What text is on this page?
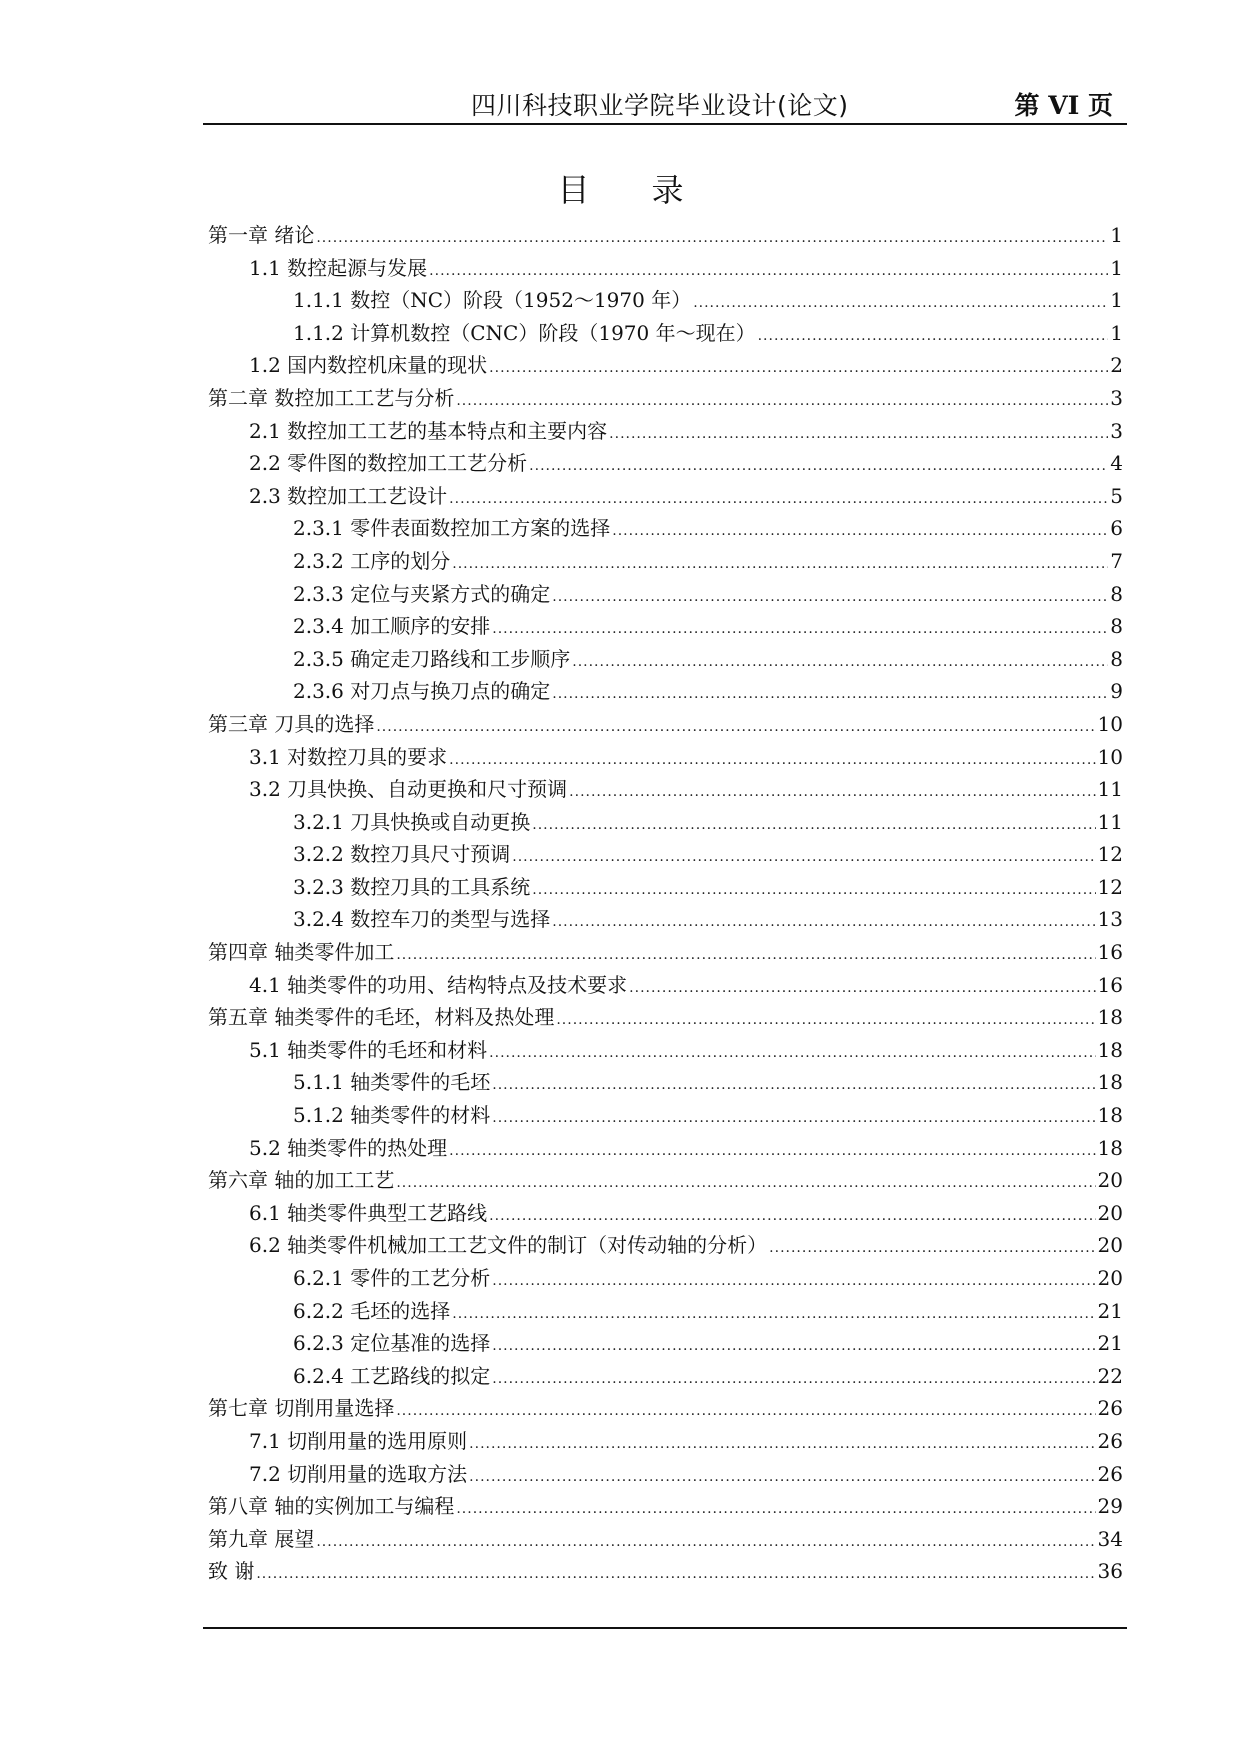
四川科技职业学院毕业设计(论文)	第 VI 页
目录
第一章 绪论 .....	1
1.1 数控起源与发展 .....	1
1.1.1 数控（NC）阶段（1952～1970 年） .....	1
1.1.2 计算机数控（CNC）阶段（1970 年～现在） .....	1
1.2 国内数控机床量的现状 .....	2
第二章 数控加工工艺与分析 .....	3
2.1 数控加工工艺的基本特点和主要内容 .....	3
2.2 零件图的数控加工工艺分析 .....	4
2.3 数控加工工艺设计 .....	5
2.3.1 零件表面数控加工方案的选择 .....	6
2.3.2 工序的划分 .....	7
2.3.3 定位与夹紧方式的确定 .....	8
2.3.4 加工顺序的安排 .....	8
2.3.5 确定走刀路线和工步顺序 .....	8
2.3.6 对刀点与换刀点的确定 .....	9
第三章 刀具的选择 .....	10
3.1 对数控刀具的要求 .....	10
3.2 刀具快换、自动更换和尺寸预调 .....	11
3.2.1 刀具快换或自动更换 .....	11
3.2.2 数控刀具尺寸预调 .....	12
3.2.3 数控刀具的工具系统 .....	12
3.2.4 数控车刀的类型与选择 .....	13
第四章 轴类零件加工 .....	16
4.1 轴类零件的功用、结构特点及技术要求 .....	16
第五章 轴类零件的毛坯，材料及热处理 .....	18
5.1 轴类零件的毛坯和材料 .....	18
5.1.1 轴类零件的毛坯 .....	18
5.1.2 轴类零件的材料 .....	18
5.2 轴类零件的热处理 .....	18
第六章 轴的加工工艺 .....	20
6.1 轴类零件典型工艺路线 .....	20
6.2 轴类零件机械加工工艺文件的制订（对传动轴的分析） .....	20
6.2.1 零件的工艺分析 .....	20
6.2.2 毛坯的选择 .....	21
6.2.3 定位基准的选择 .....	21
6.2.4 工艺路线的拟定 .....	22
第七章 切削用量选择 .....	26
7.1 切削用量的选用原则 .....	26
7.2 切削用量的选取方法 .....	26
第八章 轴的实例加工与编程 .....	29
第九章 展望 .....	34
致 谢 .....	36
